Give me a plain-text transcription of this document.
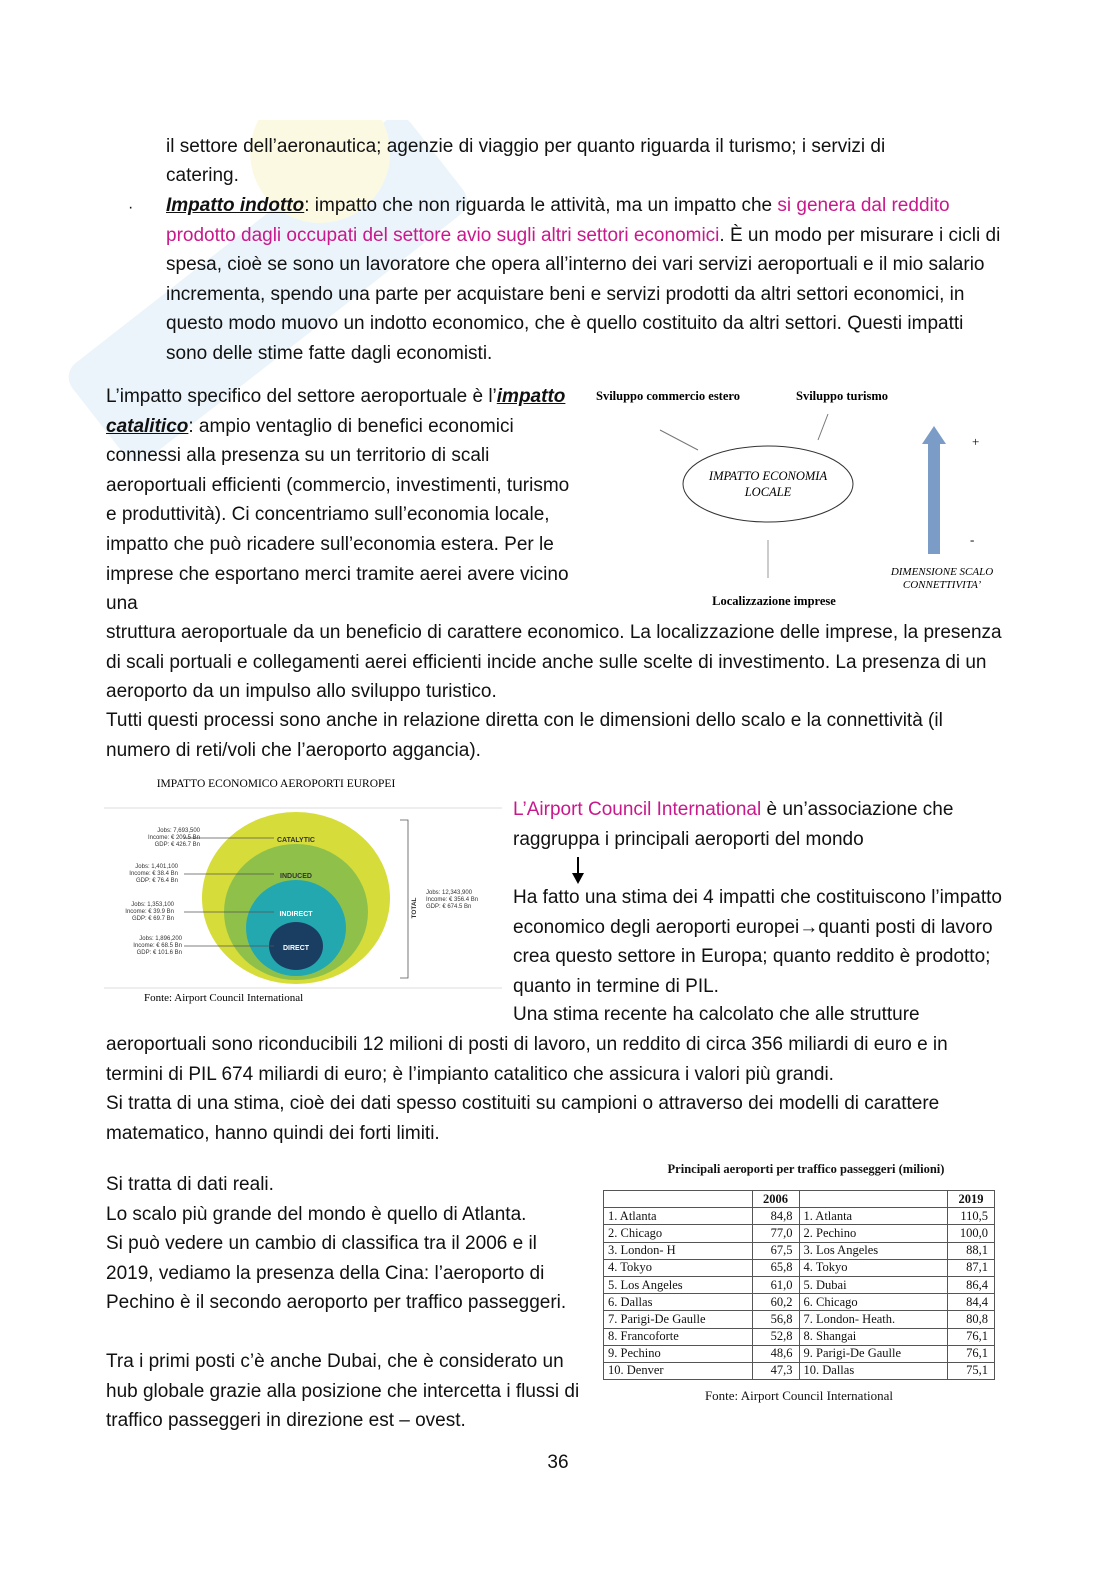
il settore dell’aeronautica; agenzie di viaggio per quanto riguarda il turismo; i servizi di

catering.

· Impatto indotto: impatto che non riguarda le attività, ma un impatto che si genera dal reddito prodotto dagli occupati del settore avio sugli altri settori economici. È un modo per misurare i cicli di spesa, cioè se sono un lavoratore che opera all’interno dei vari servizi aeroportuali e il mio salario incrementa, spendo una parte per acquistare beni e servizi prodotti da altri settori economici, in questo modo muovo un indotto economico, che è quello costituito da altri settori. Questi impatti sono delle stime fatte dagli economisti.

L’impatto specifico del settore aeroportuale è l’impatto catalitico: ampio ventaglio di benefici economici connessi alla presenza su un territorio di scali aeroportuali efficienti (commercio, investimenti, turismo e produttività). Ci concentriamo sull’economia locale, impatto che può ricadere sull’economia estera. Per le imprese che esportano merci tramite aerei avere vicino una

Sviluppo commercio estero	Sviluppo turismo
IMPATTO ECONOMIA
LOCALE
Localizzazione imprese
+
-
DIMENSIONE SCALO
CONNETTIVITA’

struttura aeroportuale da un beneficio di carattere economico. La localizzazione delle imprese, la presenza di scali portuali e collegamenti aerei efficienti incide anche sulle scelte di investimento. La presenza di un aeroporto da un impulso allo sviluppo turistico.

Tutti questi processi sono anche in relazione diretta con le dimensioni dello scalo e la connettività (il numero di reti/voli che l’aeroporto aggancia).

IMPATTO ECONOMICO AEROPORTI EUROPEI
CATALYTIC
INDUCED
INDIRECT
DIRECT
Jobs: 7,693,500
Income: € 209.5 Bn
GDP: € 426.7 Bn
Jobs: 1,401,100
Income: € 38.4 Bn
GDP: € 76.4 Bn
Jobs: 1,353,100
Income: € 39.9 Bn
GDP: € 69.7 Bn
Jobs: 1,896,200
Income: € 68.5 Bn
GDP: € 101.6 Bn
TOTAL
Jobs: 12,343,900
Income: € 356.4 Bn
GDP: € 674.5 Bn
Fonte: Airport Council International

L’Airport Council International è un’associazione che raggruppa i principali aeroporti del mondo

Ha fatto una stima dei 4 impatti che costituiscono l’impatto economico degli aeroporti europei→quanti posti di lavoro crea questo settore in Europa; quanto reddito è prodotto; quanto in termine di PIL.

Una stima recente ha calcolato che alle strutture

aeroportuali sono riconducibili 12 milioni di posti di lavoro, un reddito di circa 356 miliardi di euro e in termini di PIL 674 miliardi di euro; è l’impianto catalitico che assicura i valori più grandi.

Si tratta di una stima, cioè dei dati spesso costituiti su campioni o attraverso dei modelli di carattere matematico, hanno quindi dei forti limiti.

Si tratta di dati reali.

Lo scalo più grande del mondo è quello di Atlanta.

Si può vedere un cambio di classifica tra il 2006 e il 2019, vediamo la presenza della Cina: l’aeroporto di Pechino è il secondo aeroporto per traffico passeggeri.

Tra i primi posti c’è anche Dubai, che è considerato un hub globale grazie alla posizione che intercetta i flussi di traffico passeggeri in direzione est – ovest.

Principali aeroporti per traffico passeggeri (milioni)
	2006		2019
1. Atlanta	84,8	1. Atlanta	110,5
2. Chicago	77,0	2. Pechino	100,0
3. London- H	67,5	3. Los Angeles	88,1
4. Tokyo	65,8	4. Tokyo	87,1
5. Los Angeles	61,0	5. Dubai	86,4
6. Dallas	60,2	6. Chicago	84,4
7. Parigi-De Gaulle	56,8	7. London- Heath.	80,8
8. Francoforte	52,8	8. Shangai	76,1
9. Pechino	48,6	9. Parigi-De Gaulle	76,1
10. Denver	47,3	10. Dallas	75,1
Fonte: Airport Council International
36
